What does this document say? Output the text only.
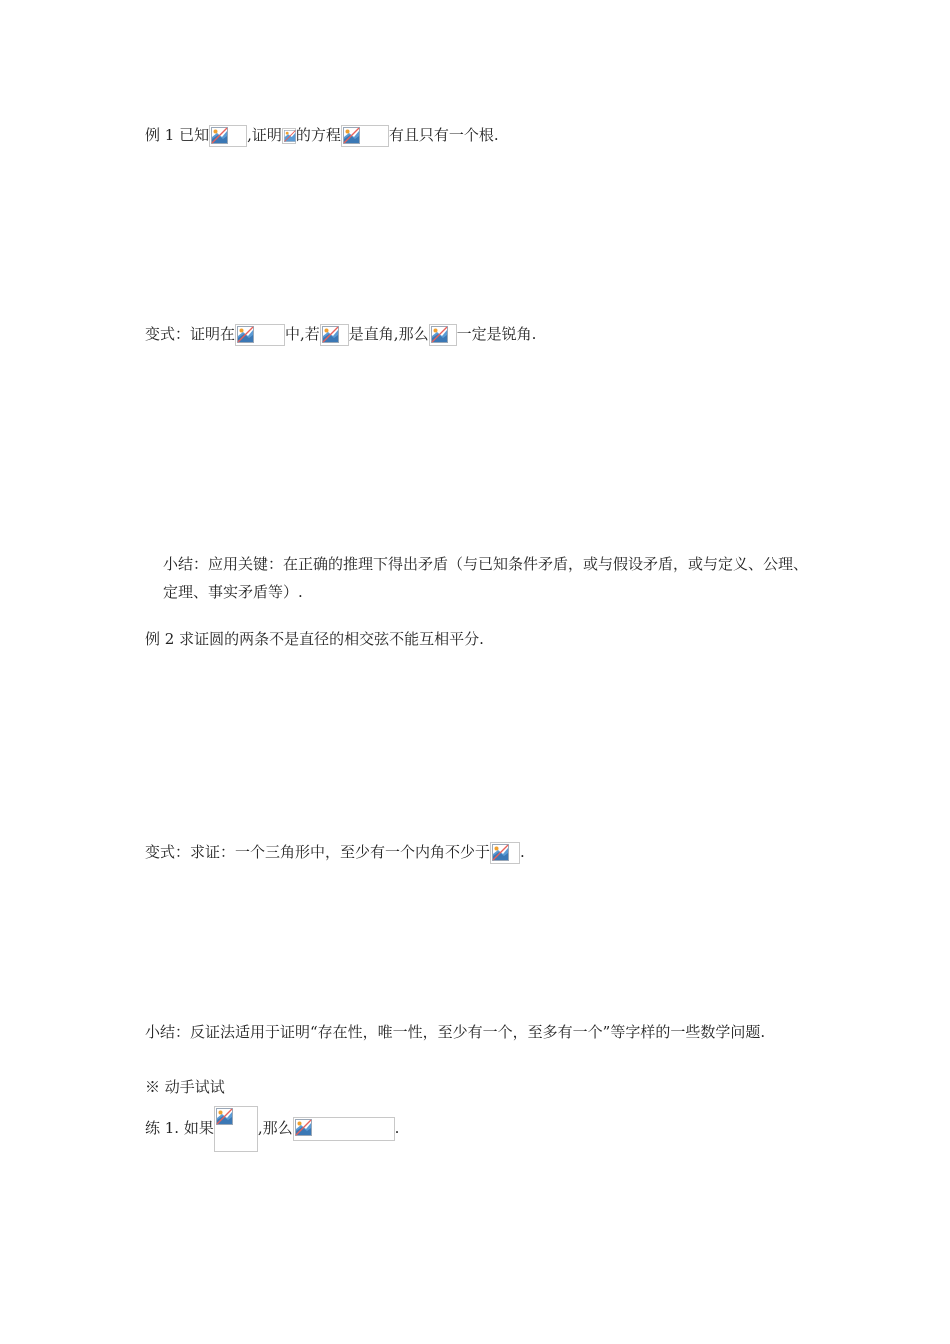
例 1 已知	,证明 的方程	有且只有一个根.
变式：证明在	中,若 是直角,那么 一定是锐角.
小结：应用关键：在正确的推理下得出矛盾（与已知条件矛盾，或与假设矛盾，或与定义、公理、定理、事实矛盾等）.
例 2 求证圆的两条不是直径的相交弦不能互相平分.
变式：求证：一个三角形中，至少有一个内角不少于 .
小结：反证法适用于证明“存在性，唯一性，至少有一个，至多有一个”等字样的一些数学问题.
※ 动手试试
练 1. 如果	,那么	.
